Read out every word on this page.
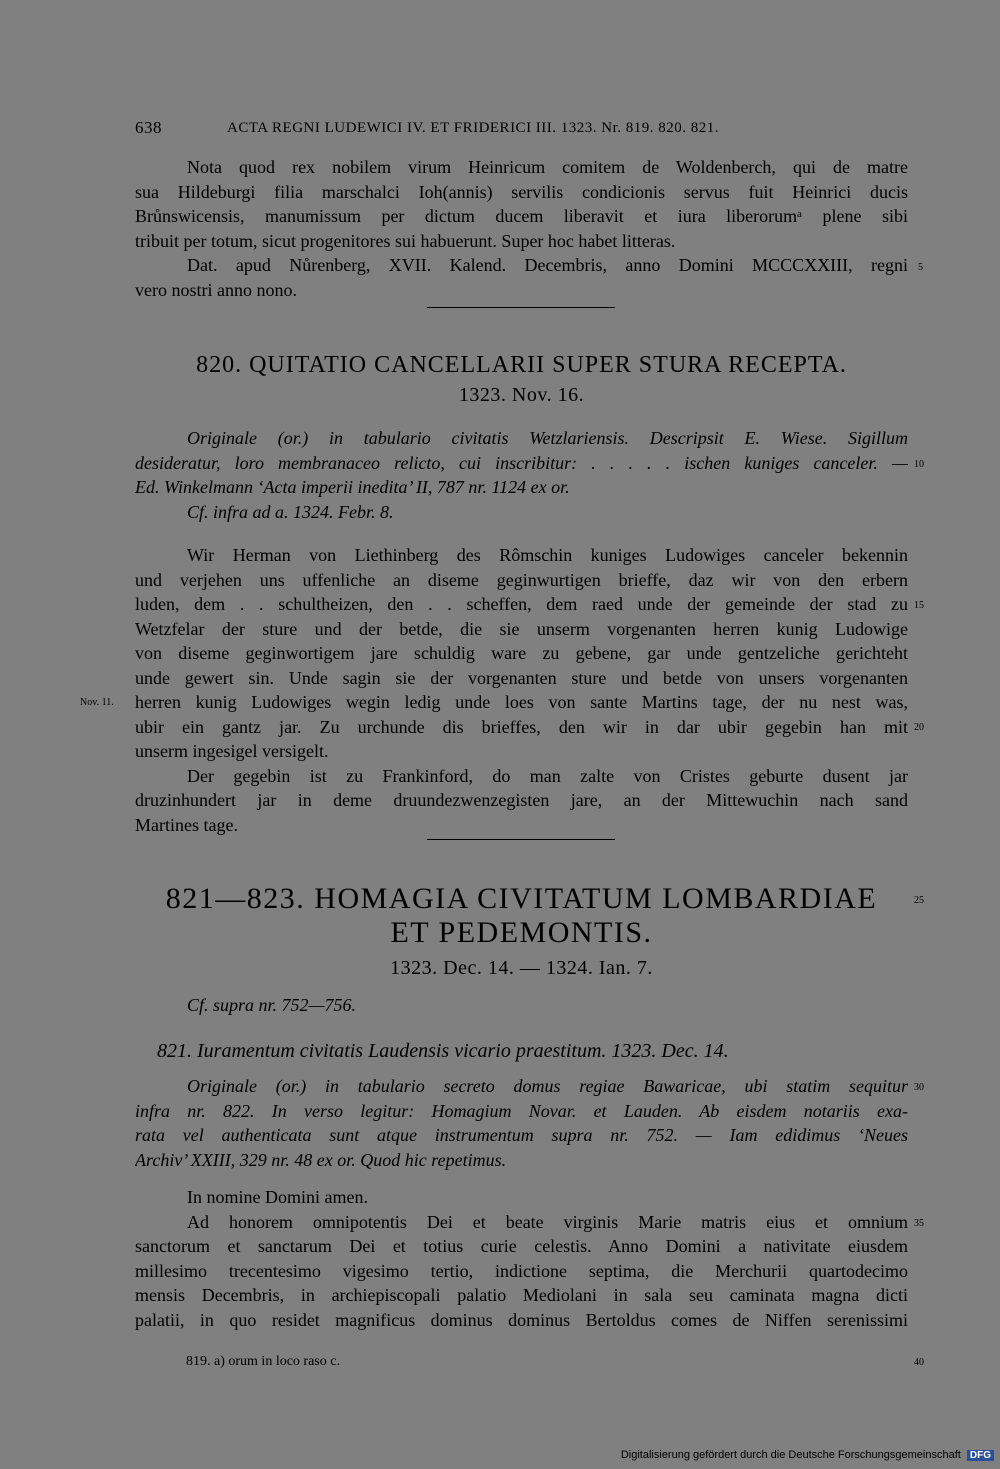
638	ACTA REGNI LUDEWICI IV. ET FRIDERICI III. 1323. Nr. 819. 820. 821.
Nota quod rex nobilem virum Heinricum comitem de Woldenberch, qui de matre
sua Hildeburgi filia marschalci Ioh(annis) servilis condicionis servus fuit Heinrici ducis
Brůnswicensis, manumissum per dictum ducem liberavit et iura liberorumᵃ plene sibi
tribuit per totum, sicut progenitores sui habuerunt. Super hoc habet litteras.
Dat. apud Nůrenberg, XVII. Kalend. Decembris, anno Domini MCCCXXIII, regni
vero nostri anno nono.
820. QUITATIO CANCELLARII SUPER STURA RECEPTA.
1323. Nov. 16.
Originale (or.) in tabulario civitatis Wetzlariensis. Descripsit E. Wiese. Sigillum
desideratur, loro membranaceo relicto, cui inscribitur: . . . . . ischen kuniges canceler. —
Ed. Winkelmann ‘Acta imperii inedita’ II, 787 nr. 1124 ex or.
Cf. infra ad a. 1324. Febr. 8.
Wir Herman von Liethinberg des Rômschin kuniges Ludowiges canceler bekennin
und verjehen uns uffenliche an diseme geginwurtigen brieffe, daz wir von den erbern
luden, dem . . schultheizen, den . . scheffen, dem raed unde der gemeinde der stad zu
Wetzfelar der sture und der betde, die sie unserm vorgenanten herren kunig Ludowige
von diseme geginwortigem jare schuldig ware zu gebene, gar unde gentzeliche gerichteht
unde gewert sin. Unde sagin sie der vorgenanten sture und betde von unsers vorgenanten
herren kunig Ludowiges wegin ledig unde loes von sante Martins tage, der nu nest was,
ubir ein gantz jar. Zu urchunde dis brieffes, den wir in dar ubir gegebin han mit
unserm ingesigel versigelt.
Der gegebin ist zu Frankinford, do man zalte von Cristes geburte dusent jar
druzinhundert jar in deme druundezwenzegisten jare, an der Mittewuchin nach sand
Martines tage.
Nov. 11.
821—823. HOMAGIA CIVITATUM LOMBARDIAE
ET PEDEMONTIS.
1323. Dec. 14. — 1324. Ian. 7.
Cf. supra nr. 752—756.
821. Iuramentum civitatis Laudensis vicario praestitum. 1323. Dec. 14.
Originale (or.) in tabulario secreto domus regiae Bawaricae, ubi statim sequitur
infra nr. 822. In verso legitur: Homagium Novar. et Lauden. Ab eisdem notariis exa-
rata vel authenticata sunt atque instrumentum supra nr. 752. — Iam edidimus ‘Neues
Archiv’ XXIII, 329 nr. 48 ex or. Quod hic repetimus.
In nomine Domini amen.
Ad honorem omnipotentis Dei et beate virginis Marie matris eius et omnium
sanctorum et sanctarum Dei et totius curie celestis. Anno Domini a nativitate eiusdem
millesimo trecentesimo vigesimo tertio, indictione septima, die Merchurii quartodecimo
mensis Decembris, in archiepiscopali palatio Mediolani in sala seu caminata magna dicti
palatii, in quo residet magnificus dominus dominus Bertoldus comes de Niffen serenissimi
5
10
15
20
25
30
35
40
819. a) orum in loco raso c.
Digitalisierung gefördert durch die Deutsche Forschungsgemeinschaft DFG
